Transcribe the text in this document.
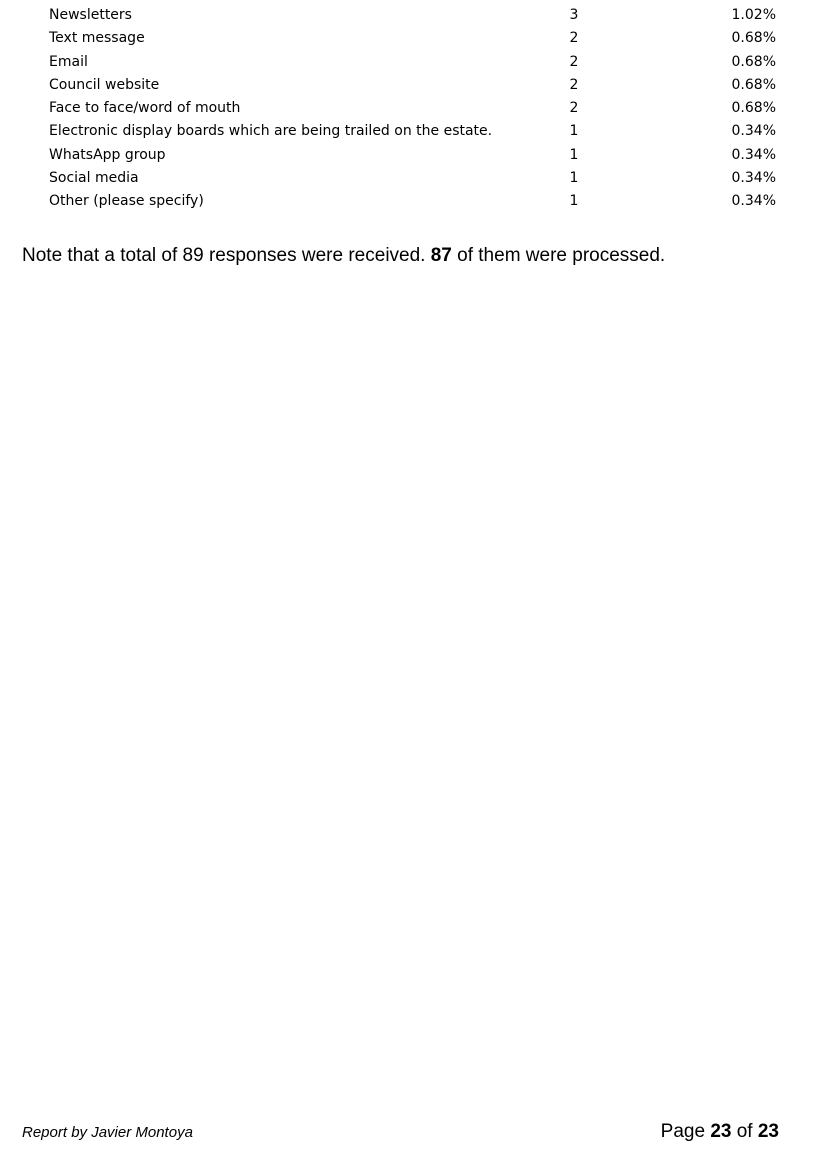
Newsletters	3	1.02%
Text message	2	0.68%
Email	2	0.68%
Council website	2	0.68%
Face to face/word of mouth	2	0.68%
Electronic display boards which are being trailed on the estate.	1	0.34%
WhatsApp group	1	0.34%
Social media	1	0.34%
Other (please specify)	1	0.34%
Note that a total of 89 responses were received. 87 of them were processed.
Report by Javier Montoya	Page 23 of 23
